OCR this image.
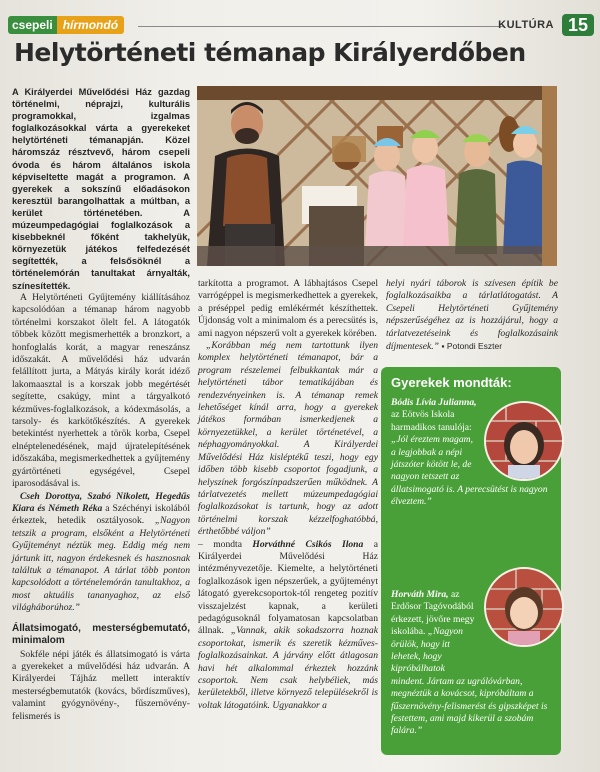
csepeli hírmondó	KULTÚRA 15
Helytörténeti témanap Királyerdőben

A Királyerdei Művelődési Ház gazdag történelmi, néprajzi, kulturális programokkal, izgalmas foglalkozásokkal várta a gyerekeket helytörténeti témanapján. Közel háromszáz résztvevő, három csepeli óvoda és három általános iskola képviseltette magát a programon. A gyerekek a sokszínű előadásokon keresztül barangolhattak a múltban, a kerület történetében. A múzeumpedagógiai foglalkozások a kisebbeknél főként takhelyük, környezetük játékos felfedezését segítették, a felsősöknél a történelemórán tanultakat árnyalták, színesítették.

A Helytörténeti Gyűjtemény kiállításához kapcsolódóan a témanap három nagyobb történelmi korszakot ölelt fel. A látogatók többek között megismerhették a bronzkort, a honfoglalás korát, a magyar reneszánsz időszakát. A művelődési ház udvarán felállított jurta, a Mátyás király korát idéző lakomaasztal is a korszak jobb megértését segítette, csakúgy, mint a tárgyalkotó kézműves-foglalkozások, a kódexmásolás, a tarsoly- és karkötőkészítés. A gyerekek betekintést nyerhettek a török korba, Csepel elnéptelenedésének, majd újratelepítésének időszakába, megismerkedhettek a gyűjtemény gyártörténeti egységével, Csepel iparosodásával is.

Cseh Dorottya, Szabó Nikolett, Hegedűs Kiara és Németh Réka a Széchényi iskolából érkeztek, hetedik osztályosok. „Nagyon tetszik a program, elsőként a Helytörténeti Gyűjteményt néztük meg. Eddig még nem jártunk itt, nagyon érdekesnek és hasznosnak találtuk a témanapot. A tárlat több ponton kapcsolódott a történelemórán tanultakhoz, a most aktuális tananyaghoz, az első világháborúhoz.”

Állatsimogató, mesterségbemutató, minimalom

Sokféle népi játék és állatsimogató is várta a gyerekeket a művelődési ház udvarán. A Királyerdei Tájház mellett interaktív mesterségbemutatók (kovács, bőrdíszműves), valamint gyógynövény-, fűszernövény-felismerés is

tarkította a programot. A lábhajtásos Csepel varrógéppel is megismerkedhettek a gyerekek, a préséppel pedig emlékérmét készíthettek. Újdonság volt a minimalom és a perecsütés is, ami nagyon népszerű volt a gyerekek körében.

„Korábban még nem tartottunk ilyen komplex helytörténeti témanapot, bár a program részelemei felbukkantak már a helytörténeti tábor tematikájában és rendezvényeinken is. A témanap remek lehetőséget kínál arra, hogy a gyerekek játékos formában ismerkedjenek a környezetükkel, a kerület történetével, a néphagyományokkal. A Királyerdei Művelődési Ház kisléptékű teszi, hogy egy időben több kisebb csoportot fogadjunk, a helyszínek forgószínpadszerűen működnek. A tárlatvezetés mellett múzeumpedagógiai foglalkozásokat is tartunk, hogy az adott történelmi korszak kézzelfoghatóbbá, érthetőbbé váljon”

– mondta Horváthné Csikós Ilona a Királyerdei Művelődési Ház intézményvezetője. Kiemelte, a helytörténeti foglalkozások igen népszerűek, a gyűjteményt látogató gyerekcsoportok-tól rengeteg pozitív visszajelzést kapnak, a kerületi pedagógusoknál folyamatosan kapcsolatban állnak. „Vannak, akik sokadszorra hoznak csoportokat, ismerik és szeretik kézműves-foglalkozásainkat. A járvány előtt átlagosan havi hét alkalommal érkeztek hozzánk csoportok. Nem csak helybéliek, más kerületekből, illetve környező településekről is voltak látogatóink. Ugyanakkor a

helyi nyári táborok is szívesen építik be foglalkozásaikba a tárlatlátogatást. A Csepeli Helytörténeti Gyűjtemény népszerűségéhez az is hozzájárul, hogy a tárlatvezetéseink és foglalkozásaink díjmentesek.” ▪ Potondi Eszter

Gyerekek mondták:
Bódis Lívia Julianna, az Eötvös Iskola harmadikos tanulója: „Jól éreztem magam, a legjobbak a népi játszóter kötött le, de nagyon tetszett az állatsimogató is. A perecsütést is nagyon élveztem.”
Horváth Mira, az Erdősor Tagóvodából érkezett, jövőre megy iskolába. „Nagyon örülök, hogy itt lehetek, hogy kipróbálhatok mindent. Jártam az ugrálóvárban, megnéztük a kovácsot, kipróbáltam a fűszernövény-felismerést és gipszképet is festettem, ami majd kikerül a szobám falára.”
